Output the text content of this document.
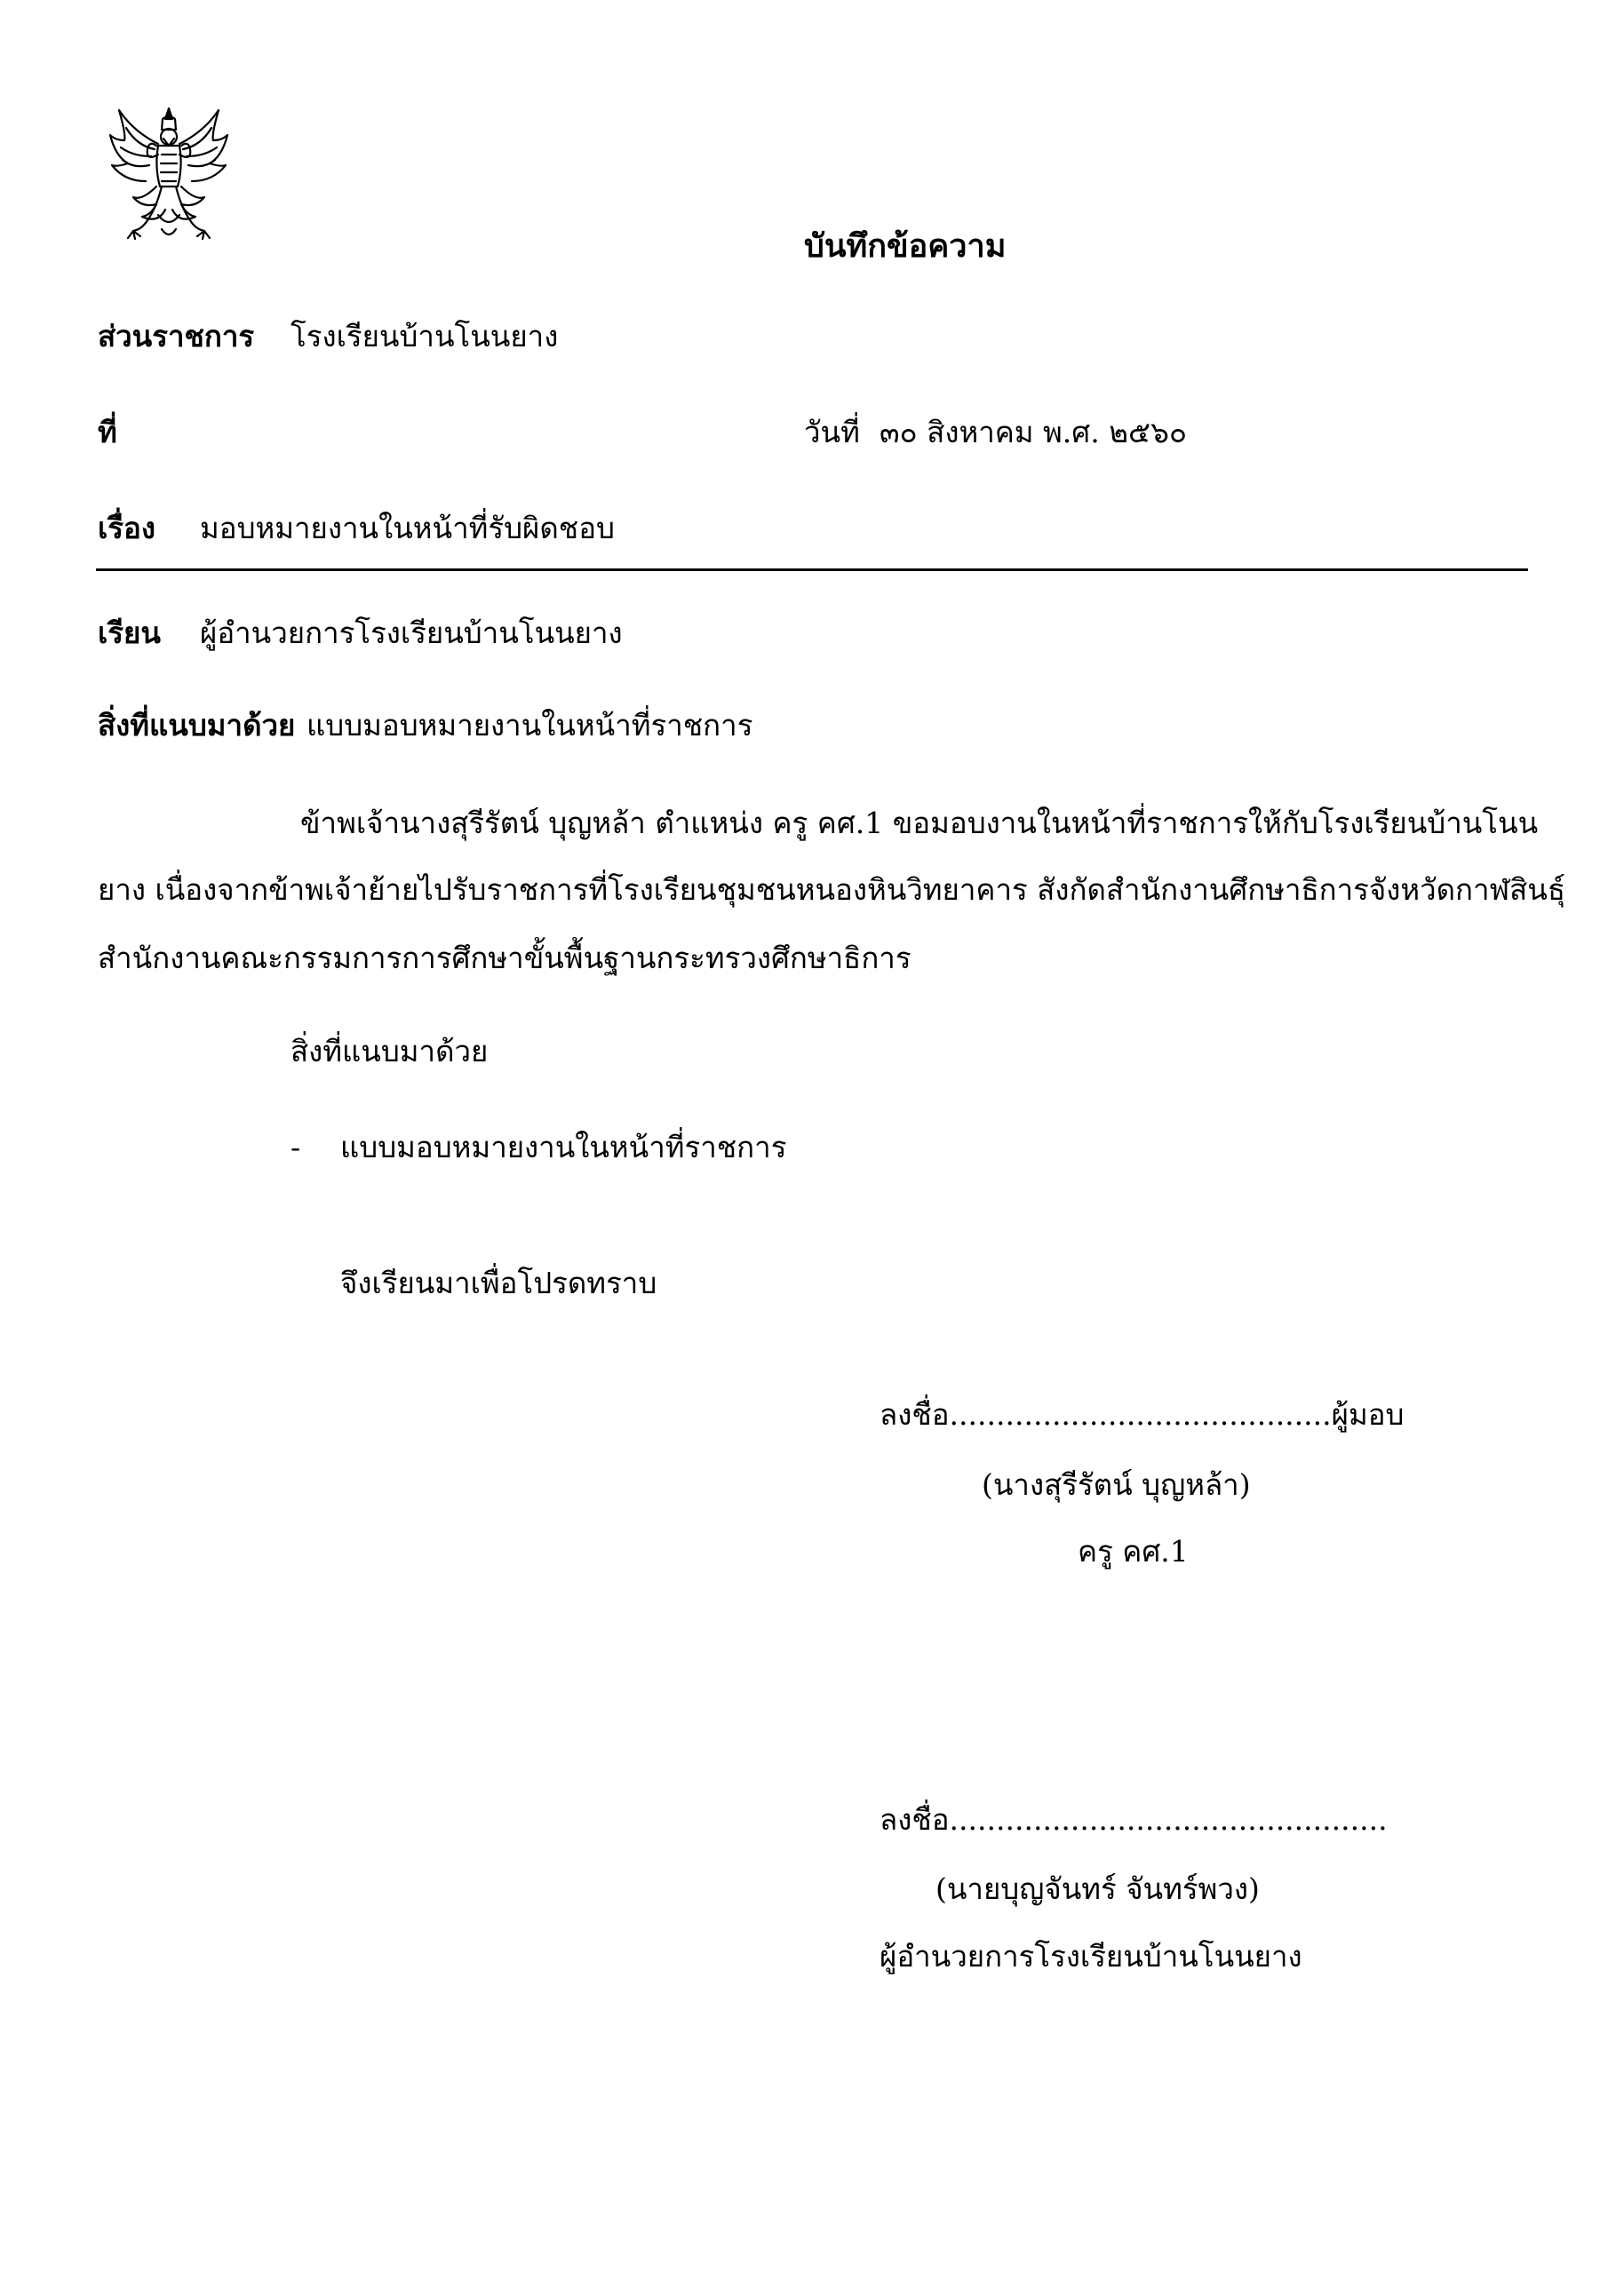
บันทึกข้อความ
ส่วนราชการ โรงเรียนบ้านโนนยาง
ที่	วันที่ ๓๐ สิงหาคม พ.ศ. ๒๕๖๐
เรื่อง มอบหมายงานในหน้าที่รับผิดชอบ
เรียน ผู้อำนวยการโรงเรียนบ้านโนนยาง
สิ่งที่แนบมาด้วย แบบมอบหมายงานในหน้าที่ราชการ
ข้าพเจ้านางสุรีรัตน์ บุญหล้า ตำแหน่ง ครู คศ.1 ขอมอบงานในหน้าที่ราชการให้กับโรงเรียนบ้านโนน
ยาง เนื่องจากข้าพเจ้าย้ายไปรับราชการที่โรงเรียนชุมชนหนองหินวิทยาคาร สังกัดสำนักงานศึกษาธิการจังหวัดกาฬสินธุ์
สำนักงานคณะกรรมการการศึกษาขั้นพื้นฐานกระทรวงศึกษาธิการ
สิ่งที่แนบมาด้วย
- แบบมอบหมายงานในหน้าที่ราชการ
จึงเรียนมาเพื่อโปรดทราบ
ลงชื่อ.........................................ผู้มอบ
(นางสุรีรัตน์ บุญหล้า)
ครู คศ.1
ลงชื่อ...............................................
(นายบุญจันทร์ จันทร์พวง)
ผู้อำนวยการโรงเรียนบ้านโนนยาง
